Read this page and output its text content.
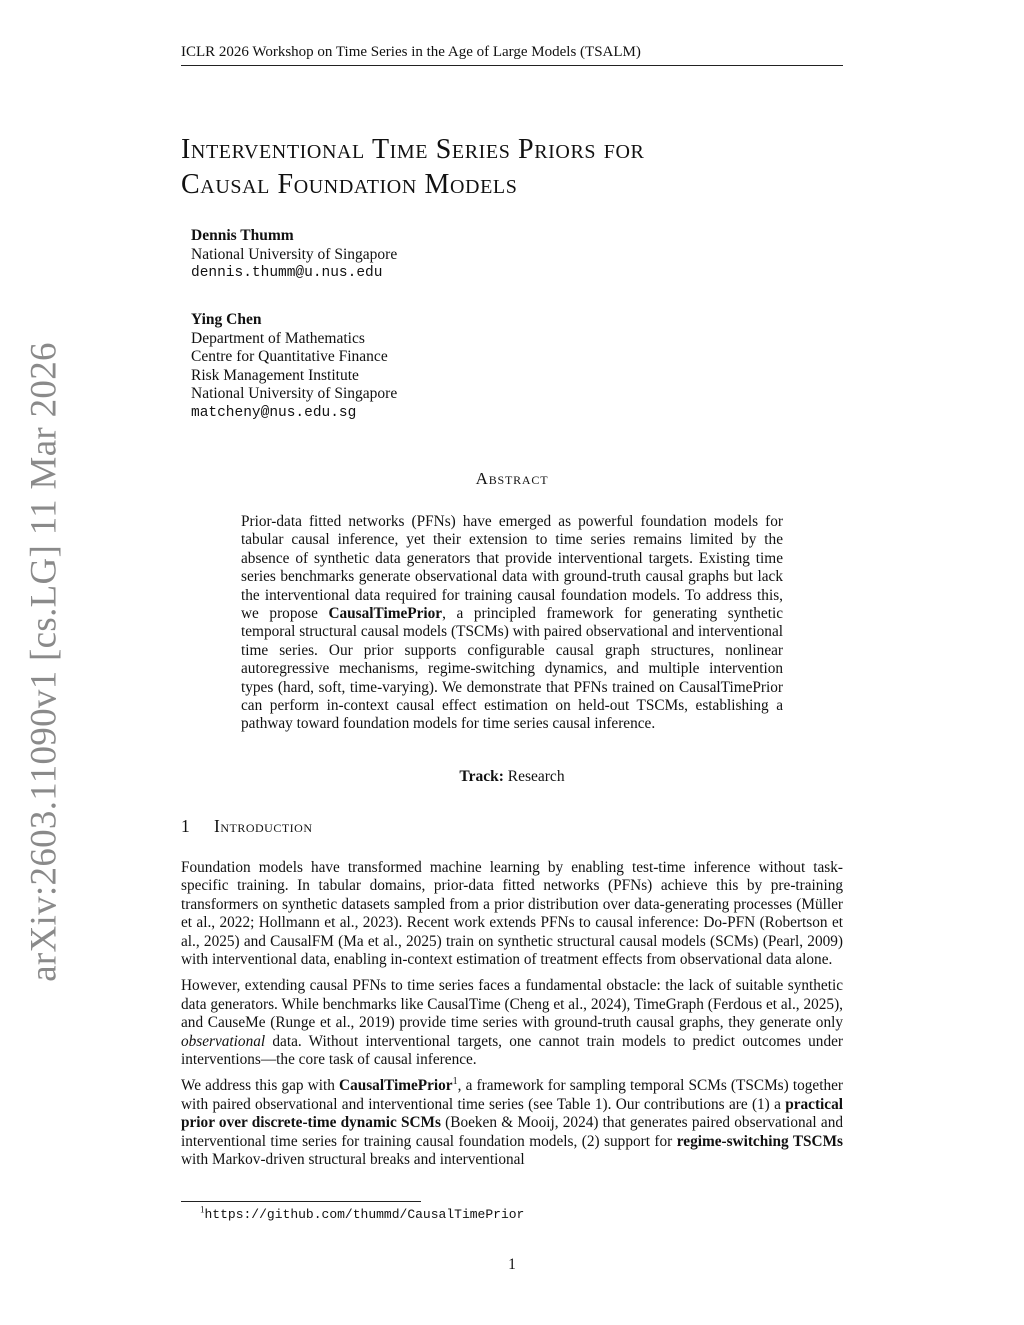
ICLR 2026 Workshop on Time Series in the Age of Large Models (TSALM)
arXiv:2603.11090v1 [cs.LG] 11 Mar 2026
Interventional Time Series Priors for
Causal Foundation Models
Dennis Thumm
National University of Singapore
dennis.thumm@u.nus.edu
Ying Chen
Department of Mathematics
Centre for Quantitative Finance
Risk Management Institute
National University of Singapore
matcheny@nus.edu.sg
Abstract

Prior-data fitted networks (PFNs) have emerged as powerful foundation models for tabular causal inference, yet their extension to time series remains limited by the absence of synthetic data generators that provide interventional targets. Existing time series benchmarks generate observational data with ground-truth causal graphs but lack the interventional data required for training causal foundation models. To address this, we propose CausalTimePrior, a principled framework for generating synthetic temporal structural causal models (TSCMs) with paired observational and interventional time series. Our prior supports configurable causal graph structures, nonlinear autoregressive mechanisms, regime-switching dynamics, and multiple intervention types (hard, soft, time-varying). We demonstrate that PFNs trained on CausalTimePrior can perform in-context causal effect estimation on held-out TSCMs, establishing a pathway toward foundation models for time series causal inference.

Track: Research
1 Introduction

Foundation models have transformed machine learning by enabling test-time inference without task-specific training. In tabular domains, prior-data fitted networks (PFNs) achieve this by pre-training transformers on synthetic datasets sampled from a prior distribution over data-generating processes (Müller et al., 2022; Hollmann et al., 2023). Recent work extends PFNs to causal inference: Do-PFN (Robertson et al., 2025) and CausalFM (Ma et al., 2025) train on synthetic structural causal models (SCMs) (Pearl, 2009) with interventional data, enabling in-context estimation of treatment effects from observational data alone.

However, extending causal PFNs to time series faces a fundamental obstacle: the lack of suitable synthetic data generators. While benchmarks like CausalTime (Cheng et al., 2024), TimeGraph (Ferdous et al., 2025), and CauseMe (Runge et al., 2019) provide time series with ground-truth causal graphs, they generate only observational data. Without interventional targets, one cannot train models to predict outcomes under interventions—the core task of causal inference.

We address this gap with CausalTimePrior$^1$, a framework for sampling temporal SCMs (TSCMs) together with paired observational and interventional time series (see Table 1). Our contributions are (1) a practical prior over discrete-time dynamic SCMs (Boeken & Mooij, 2024) that generates paired observational and interventional time series for training causal foundation models, (2) support for regime-switching TSCMs with Markov-driven structural breaks and interventional

$^1$https://github.com/thummd/CausalTimePrior
1
